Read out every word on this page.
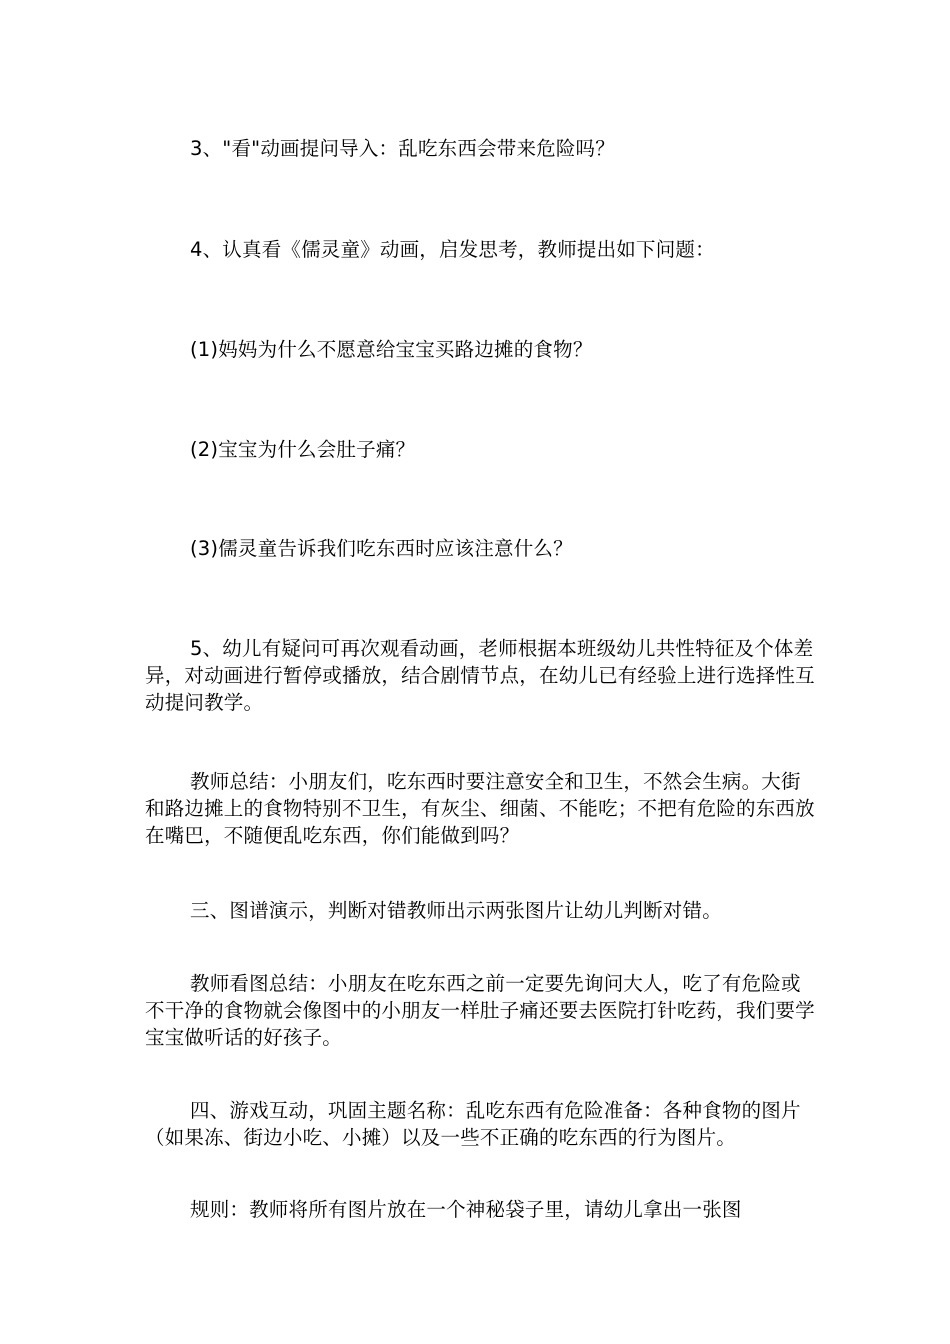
3、"看"动画提问导入：乱吃东西会带来危险吗？

4、认真看《儒灵童》动画，启发思考，教师提出如下问题：

(1)妈妈为什么不愿意给宝宝买路边摊的食物？

(2)宝宝为什么会肚子痛？

(3)儒灵童告诉我们吃东西时应该注意什么？

5、幼儿有疑问可再次观看动画，老师根据本班级幼儿共性特征及个体差异，对动画进行暂停或播放，结合剧情节点，在幼儿已有经验上进行选择性互动提问教学。

教师总结：小朋友们，吃东西时要注意安全和卫生，不然会生病。大街和路边摊上的食物特别不卫生，有灰尘、细菌、不能吃；不把有危险的东西放在嘴巴，不随便乱吃东西，你们能做到吗？

三、图谱演示，判断对错教师出示两张图片让幼儿判断对错。

教师看图总结：小朋友在吃东西之前一定要先询问大人，吃了有危险或不干净的食物就会像图中的小朋友一样肚子痛还要去医院打针吃药，我们要学宝宝做听话的好孩子。

四、游戏互动，巩固主题名称：乱吃东西有危险准备：各种食物的图片（如果冻、街边小吃、小摊）以及一些不正确的吃东西的行为图片。

规则：教师将所有图片放在一个神秘袋子里，请幼儿拿出一张图
